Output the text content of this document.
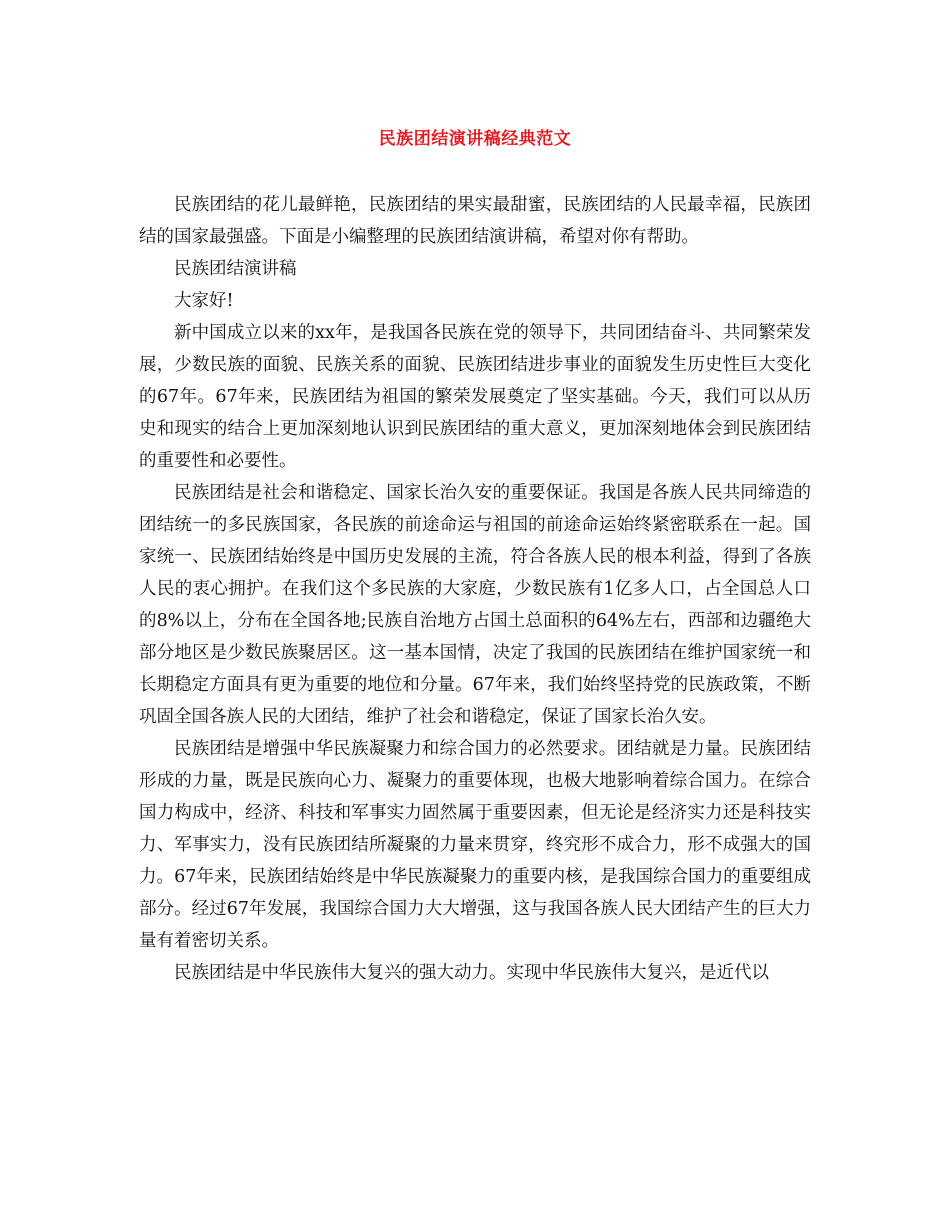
民族团结演讲稿经典范文

民族团结的花儿最鲜艳，民族团结的果实最甜蜜，民族团结的人民最幸福，民族团结的国家最强盛。下面是小编整理的民族团结演讲稿，希望对你有帮助。

民族团结演讲稿

大家好!

新中国成立以来的xx年，是我国各民族在党的领导下，共同团结奋斗、共同繁荣发展，少数民族的面貌、民族关系的面貌、民族团结进步事业的面貌发生历史性巨大变化的67年。67年来，民族团结为祖国的繁荣发展奠定了坚实基础。今天，我们可以从历史和现实的结合上更加深刻地认识到民族团结的重大意义，更加深刻地体会到民族团结的重要性和必要性。

民族团结是社会和谐稳定、国家长治久安的重要保证。我国是各族人民共同缔造的团结统一的多民族国家，各民族的前途命运与祖国的前途命运始终紧密联系在一起。国家统一、民族团结始终是中国历史发展的主流，符合各族人民的根本利益，得到了各族人民的衷心拥护。在我们这个多民族的大家庭，少数民族有1亿多人口，占全国总人口的8%以上，分布在全国各地;民族自治地方占国土总面积的64%左右，西部和边疆绝大部分地区是少数民族聚居区。这一基本国情，决定了我国的民族团结在维护国家统一和长期稳定方面具有更为重要的地位和分量。67年来，我们始终坚持党的民族政策，不断巩固全国各族人民的大团结，维护了社会和谐稳定，保证了国家长治久安。

民族团结是增强中华民族凝聚力和综合国力的必然要求。团结就是力量。民族团结形成的力量，既是民族向心力、凝聚力的重要体现，也极大地影响着综合国力。在综合国力构成中，经济、科技和军事实力固然属于重要因素，但无论是经济实力还是科技实力、军事实力，没有民族团结所凝聚的力量来贯穿，终究形不成合力，形不成强大的国力。67年来，民族团结始终是中华民族凝聚力的重要内核，是我国综合国力的重要组成部分。经过67年发展，我国综合国力大大增强，这与我国各族人民大团结产生的巨大力量有着密切关系。

民族团结是中华民族伟大复兴的强大动力。实现中华民族伟大复兴，是近代以
